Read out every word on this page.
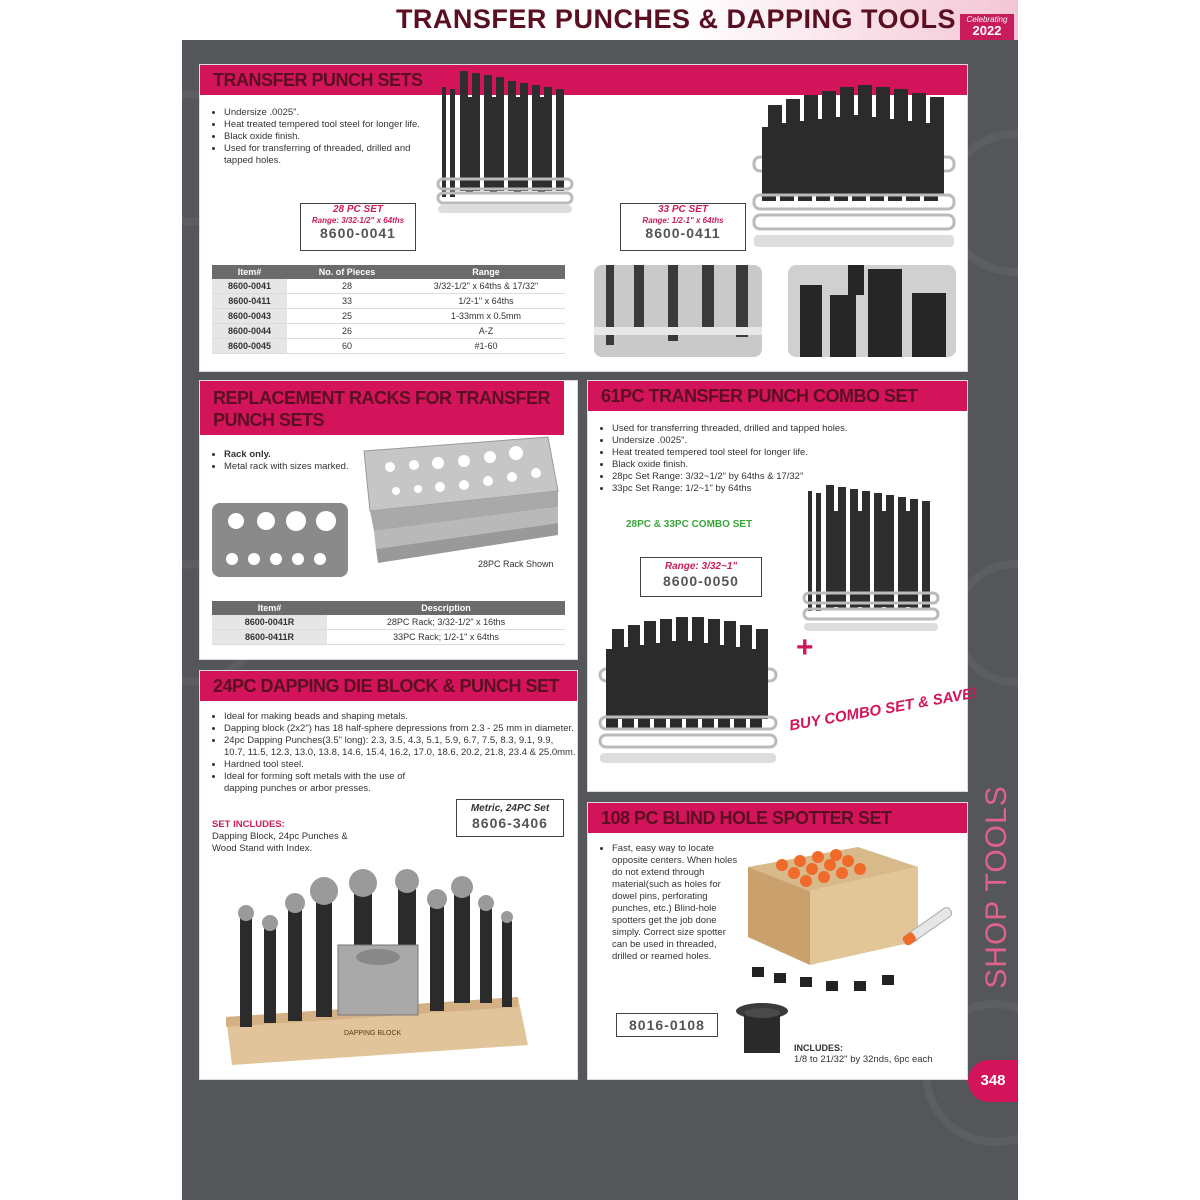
TRANSFER PUNCHES & DAPPING TOOLS	Celebrating
2022
TRANSFER PUNCH SETS
• Undersize .0025".
• Heat treated tempered tool steel for longer life.
• Black oxide finish.
• Used for transferring of threaded, drilled and tapped holes.
28 PC SET
Range: 3/32-1/2" x 64ths
8600-0041
33 PC SET
Range: 1/2-1" x 64ths
8600-0411
Item#	No. of Pieces	Range
8600-0041	28	3/32-1/2" x 64ths & 17/32"
8600-0411	33	1/2-1" x 64ths
8600-0043	25	1-33mm x 0.5mm
8600-0044	26	A-Z
8600-0045	60	#1-60
REPLACEMENT RACKS FOR TRANSFER PUNCH SETS
• Rack only.
• Metal rack with sizes marked.
28PC Rack Shown
Item#	Description
8600-0041R	28PC Rack; 3/32-1/2" x 16ths
8600-0411R	33PC Rack; 1/2-1" x 64ths
61PC TRANSFER PUNCH COMBO SET
• Used for transferring threaded, drilled and tapped holes.
• Undersize .0025".
• Heat treated tempered tool steel for longer life.
• Black oxide finish.
• 28pc Set Range: 3/32~1/2" by 64ths & 17/32"
• 33pc Set Range: 1/2~1" by 64ths
28PC & 33PC COMBO SET
Range: 3/32~1"
8600-0050
+
BUY COMBO SET & SAVE!
24PC DAPPING DIE BLOCK & PUNCH SET
• Ideal for making beads and shaping metals.
• Dapping block (2x2") has 18 half-sphere depressions from 2.3 - 25 mm in diameter.
• 24pc Dapping Punches(3.5" long): 2.3, 3.5, 4.3, 5.1, 5.9, 6.7, 7.5, 8.3, 9.1, 9.9, 10.7, 11.5, 12.3, 13.0, 13.8, 14.6, 15.4, 16.2, 17.0, 18.6, 20.2, 21.8, 23.4 & 25.0mm.
• Hardned tool steel.
• Ideal for forming soft metals with the use of dapping punches or arbor presses.
SET INCLUDES:
Dapping Block, 24pc Punches & Wood Stand with Index.
Metric, 24PC Set
8606-3406
DAPPING BLOCK
108 PC BLIND HOLE SPOTTER SET
• Fast, easy way to locate opposite centers. When holes do not extend through material(such as holes for dowel pins, perforating punches, etc.) Blind-hole spotters get the job done simply. Correct size spotter can be used in threaded, drilled or reamed holes.
8016-0108
INCLUDES:
1/8 to 21/32" by 32nds, 6pc each
SHOP TOOLS
348
